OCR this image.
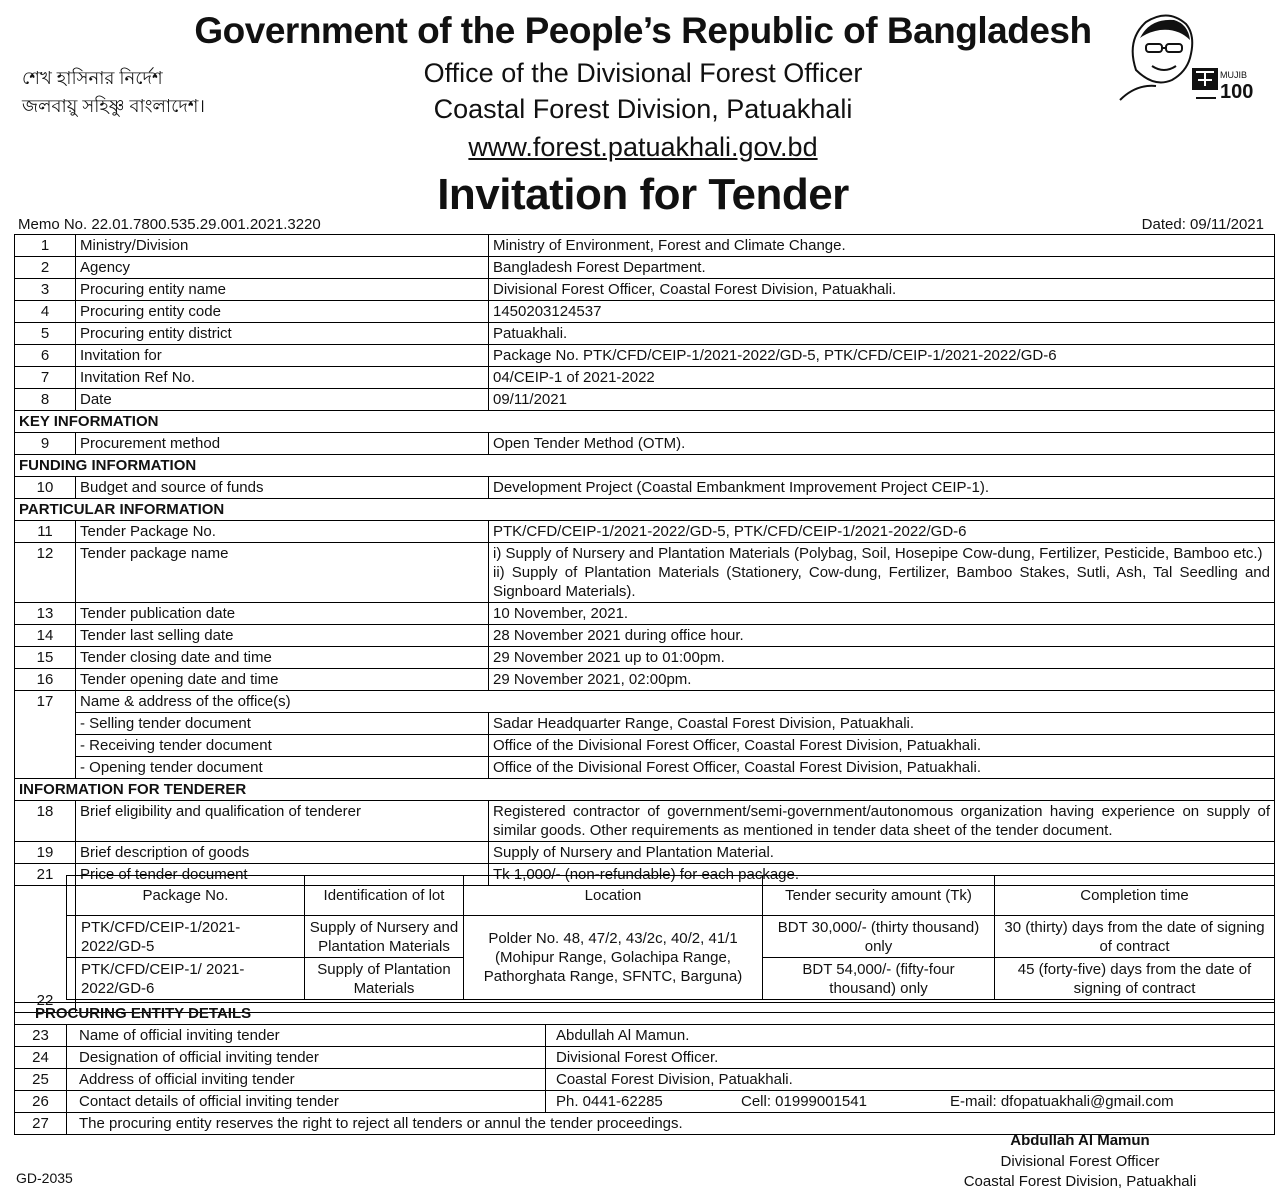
Government of the People’s Republic of Bangladesh
শেখ হাসিনার নির্দেশ
জলবায়ু সহিষ্ণু বাংলাদেশ।
Office of the Divisional Forest Officer
Coastal Forest Division, Patuakhali
www.forest.patuakhali.gov.bd
Invitation for Tender
MUJIB
100
Memo No. 22.01.7800.535.29.001.2021.3220	Dated: 09/11/2021
1	Ministry/Division	Ministry of Environment, Forest and Climate Change.
2	Agency	Bangladesh Forest Department.
3	Procuring entity name	Divisional Forest Officer, Coastal Forest Division, Patuakhali.
4	Procuring entity code	1450203124537
5	Procuring entity district	Patuakhali.
6	Invitation for	Package No. PTK/CFD/CEIP-1/2021-2022/GD-5, PTK/CFD/CEIP-1/2021-2022/GD-6
7	Invitation Ref No.	04/CEIP-1 of 2021-2022
8	Date	09/11/2021
KEY INFORMATION		
9	Procurement method	Open Tender Method (OTM).
FUNDING INFORMATION		
10	Budget and source of funds	Development Project (Coastal Embankment Improvement Project CEIP-1).
PARTICULAR INFORMATION		
11	Tender Package No.	PTK/CFD/CEIP-1/2021-2022/GD-5, PTK/CFD/CEIP-1/2021-2022/GD-6
12	Tender package name	i) Supply of Nursery and Plantation Materials (Polybag, Soil, Hosepipe Cow-dung, Fertilizer, Pesticide, Bamboo etc.)
ii) Supply of Plantation Materials (Stationery, Cow-dung, Fertilizer, Bamboo Stakes, Sutli, Ash, Tal Seedling and Signboard Materials).

13	Tender publication date	10 November, 2021.
14	Tender last selling date	28 November 2021 during office hour.
15	Tender closing date and time	29 November 2021 up to 01:00pm.
16	Tender opening date and time	29 November 2021, 02:00pm.
17	Name & address of the office(s)	
	- Selling tender document	Sadar Headquarter Range, Coastal Forest Division, Patuakhali.
	- Receiving tender document	Office of the Divisional Forest Officer, Coastal Forest Division, Patuakhali.
	- Opening tender document	Office of the Divisional Forest Officer, Coastal Forest Division, Patuakhali.
INFORMATION FOR TENDERER		
18	Brief eligibility and qualification of tenderer	Registered contractor of government/semi-government/autonomous organization having experience on supply of similar goods. Other requirements as mentioned in tender data sheet of the tender document.
19	Brief description of goods	Supply of Nursery and Plantation Material.
21	Price of tender document	Tk 1,000/- (non-refundable) for each package.
22		
Package No.	Identification of lot	Location	Tender security amount (Tk)	Completion time
PTK/CFD/CEIP-1/2021-2022/GD-5	Supply of Nursery and Plantation Materials	Polder No. 48, 47/2, 43/2c, 40/2, 41/1 (Mohipur Range, Golachipa Range, Pathorghata Range, SFNTC, Barguna)	BDT 30,000/- (thirty thousand) only	30 (thirty) days from the date of signing of contract
PTK/CFD/CEIP-1/ 2021-2022/GD-6	Supply of Plantation Materials		BDT 54,000/- (fifty-four thousand) only	45 (forty-five) days from the date of signing of contract
PROCURING ENTITY DETAILS			
23	Name of official inviting tender	Abdullah Al Mamun.	
24	Designation of official inviting tender	Divisional Forest Officer.	
25	Address of official inviting tender	Coastal Forest Division, Patuakhali.	
26	Contact details of official inviting tender	Ph. 0441-62285 Cell: 01999001541	E-mail: dfopatuakhali@gmail.com
27	The procuring entity reserves the right to reject all tenders or annul the tender proceedings.		
Abdullah Al Mamun
Divisional Forest Officer
Coastal Forest Division, Patuakhali
GD-2035
